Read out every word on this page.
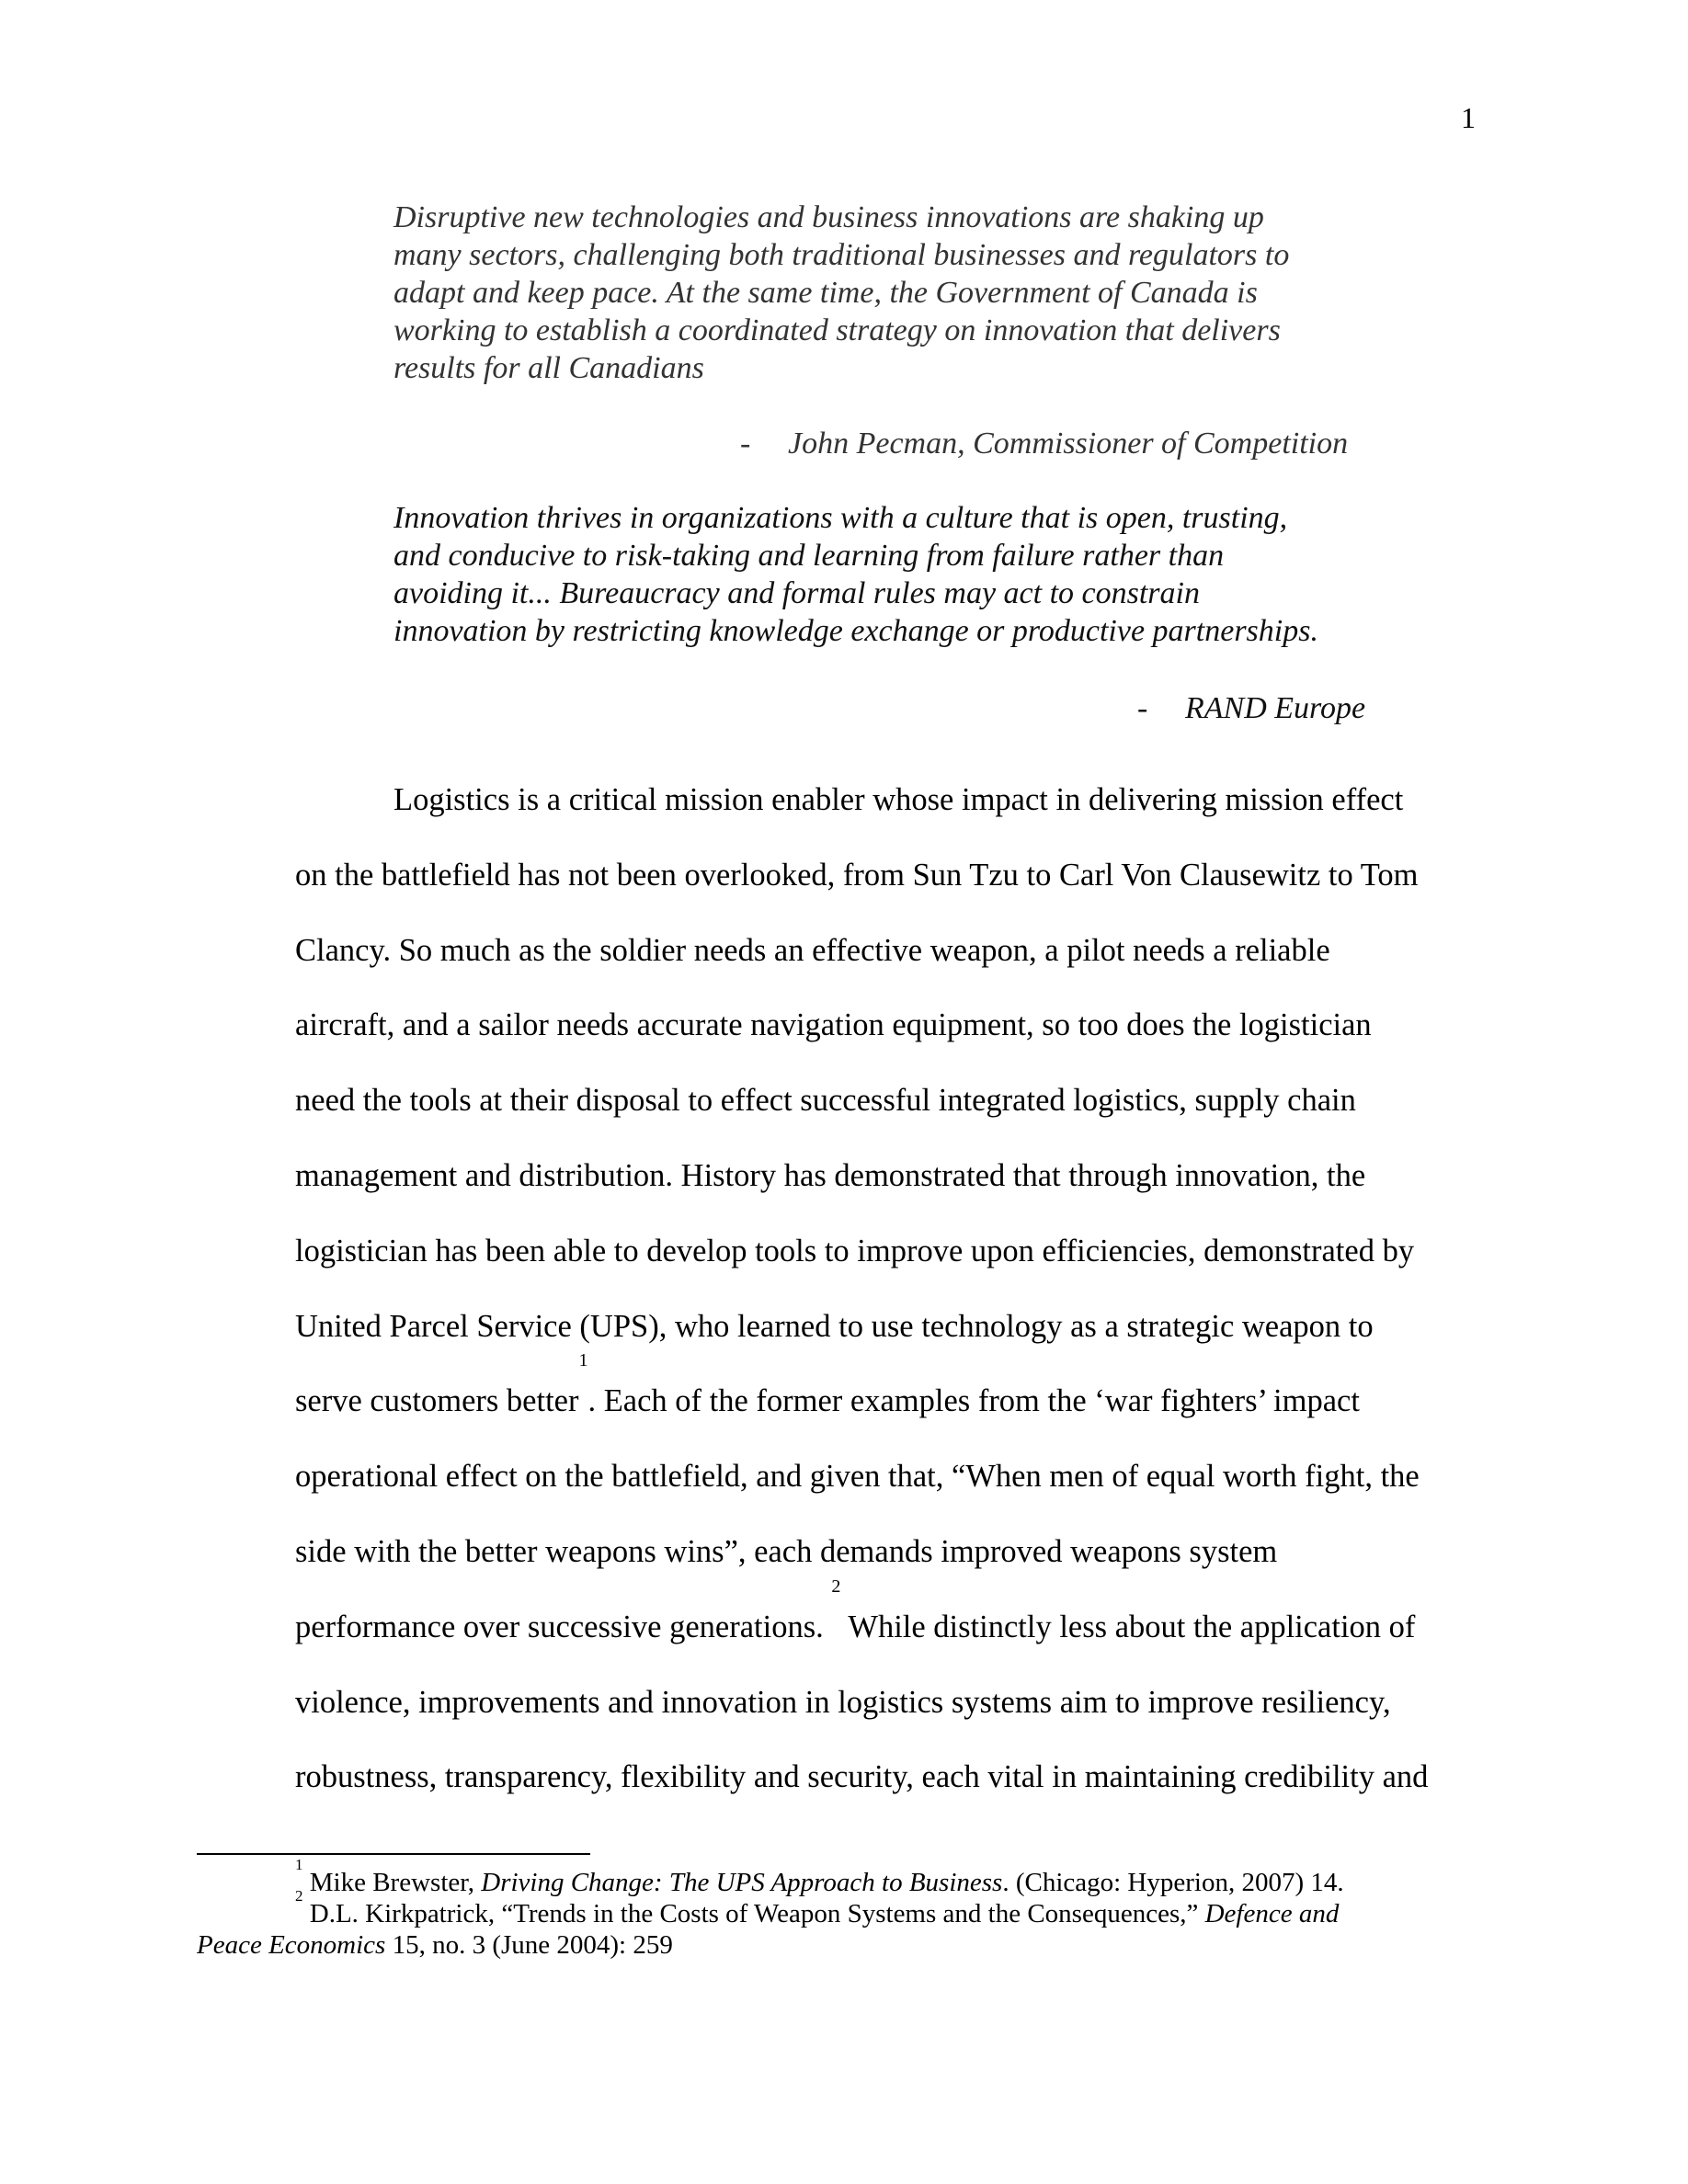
1
Disruptive new technologies and business innovations are shaking up
many sectors, challenging both traditional businesses and regulators to
adapt and keep pace. At the same time, the Government of Canada is
working to establish a coordinated strategy on innovation that delivers
results for all Canadians
- John Pecman, Commissioner of Competition
Innovation thrives in organizations with a culture that is open, trusting,
and conducive to risk-taking and learning from failure rather than
avoiding it... Bureaucracy and formal rules may act to constrain
innovation by restricting knowledge exchange or productive partnerships.
- RAND Europe
Logistics is a critical mission enabler whose impact in delivering mission effect
on the battlefield has not been overlooked, from Sun Tzu to Carl Von Clausewitz to Tom
Clancy. So much as the soldier needs an effective weapon, a pilot needs a reliable
aircraft, and a sailor needs accurate navigation equipment, so too does the logistician
need the tools at their disposal to effect successful integrated logistics, supply chain
management and distribution. History has demonstrated that through innovation, the
logistician has been able to develop tools to improve upon efficiencies, demonstrated by
United Parcel Service (UPS), who learned to use technology as a strategic weapon to
serve customers better$^1$. Each of the former examples from the ‘war fighters’ impact
operational effect on the battlefield, and given that, “When men of equal worth fight, the
side with the better weapons wins”, each demands improved weapons system
performance over successive generations. $^2$ While distinctly less about the application of
violence, improvements and innovation in logistics systems aim to improve resiliency,
robustness, transparency, flexibility and security, each vital in maintaining credibility and
$^1$ Mike Brewster, Driving Change: The UPS Approach to Business. (Chicago: Hyperion, 2007) 14.
$^2$ D.L. Kirkpatrick, “Trends in the Costs of Weapon Systems and the Consequences,” Defence and
Peace Economics 15, no. 3 (June 2004): 259
